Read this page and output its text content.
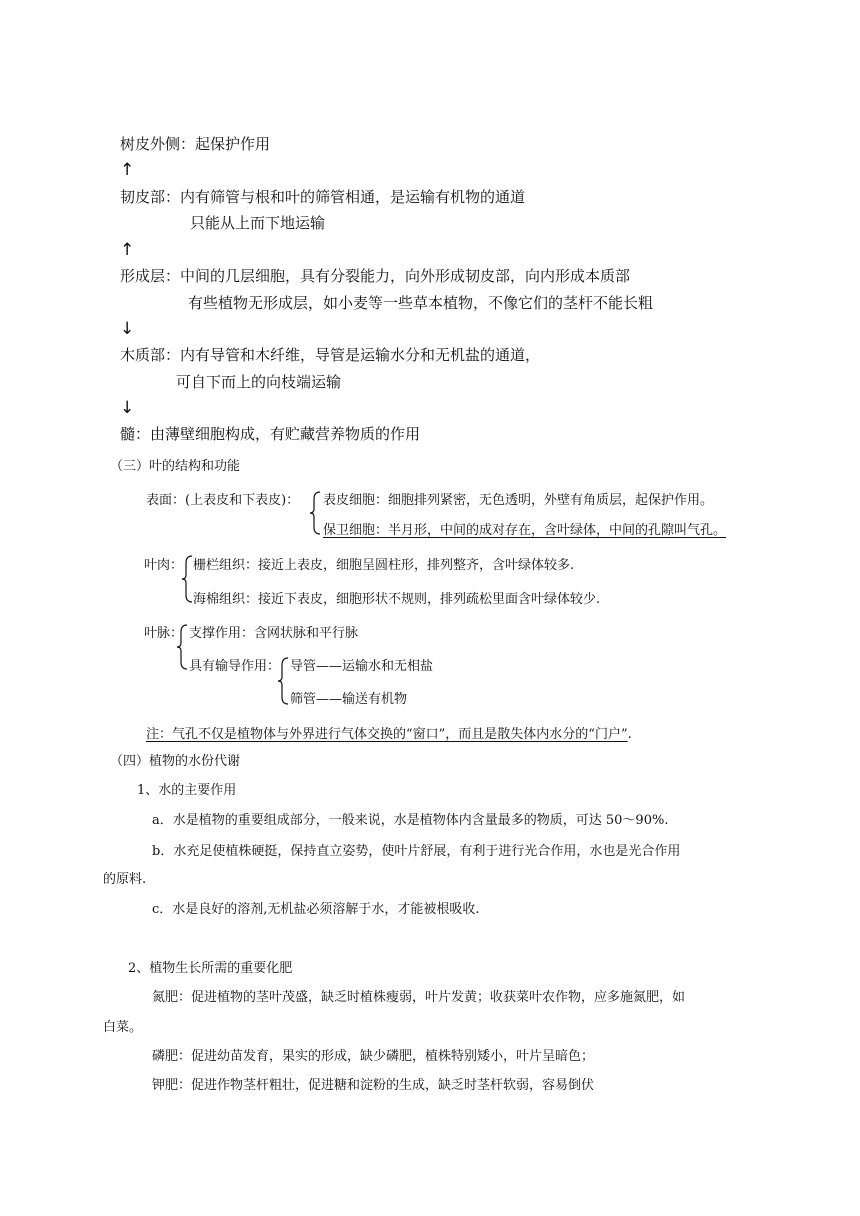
树皮外侧：起保护作用
↑
韧皮部：内有筛管与根和叶的筛管相通，是运输有机物的通道
只能从上而下地运输
↑
形成层：中间的几层细胞，具有分裂能力，向外形成韧皮部，向内形成本质部
有些植物无形成层，如小麦等一些草本植物，不像它们的茎杆不能长粗
↓
木质部：内有导管和木纤维，导管是运输水分和无机盐的通道，
可自下而上的向枝端运输
↓
髓：由薄壁细胞构成，有贮藏营养物质的作用
（三）叶的结构和功能
表面：(上表皮和下表皮)： 表皮细胞：细胞排列紧密，无色透明，外壁有角质层，起保护作用。
保卫细胞：半月形，中间的成对存在，含叶绿体，中间的孔隙叫气孔。
叶肉： 栅栏组织：接近上表皮，细胞呈圆柱形，排列整齐，含叶绿体较多.
海棉组织：接近下表皮，细胞形状不规则，排列疏松里面含叶绿体较少.
叶脉： 支撑作用：含网状脉和平行脉
具有输导作用： 导管——运输水和无相盐
筛管——输送有机物
注：气孔不仅是植物体与外界进行气体交换的“窗口”，而且是散失体内水分的“门户”.
（四）植物的水份代谢
1、水的主要作用
a．水是植物的重要组成部分，一般来说，水是植物体内含量最多的物质，可达 50～90%.
b．水充足使植株硬挺，保持直立姿势，使叶片舒展，有利于进行光合作用，水也是光合作用
的原料.
c．水是良好的溶剂,无机盐必须溶解于水，才能被根吸收.
2、植物生长所需的重要化肥
氮肥：促进植物的茎叶茂盛，缺乏时植株瘦弱，叶片发黄；收获菜叶农作物，应多施氮肥，如
白菜。
磷肥：促进幼苗发育，果实的形成，缺少磷肥，植株特别矮小，叶片呈暗色；
钾肥：促进作物茎杆粗壮，促进糖和淀粉的生成，缺乏时茎杆软弱，容易倒伏
